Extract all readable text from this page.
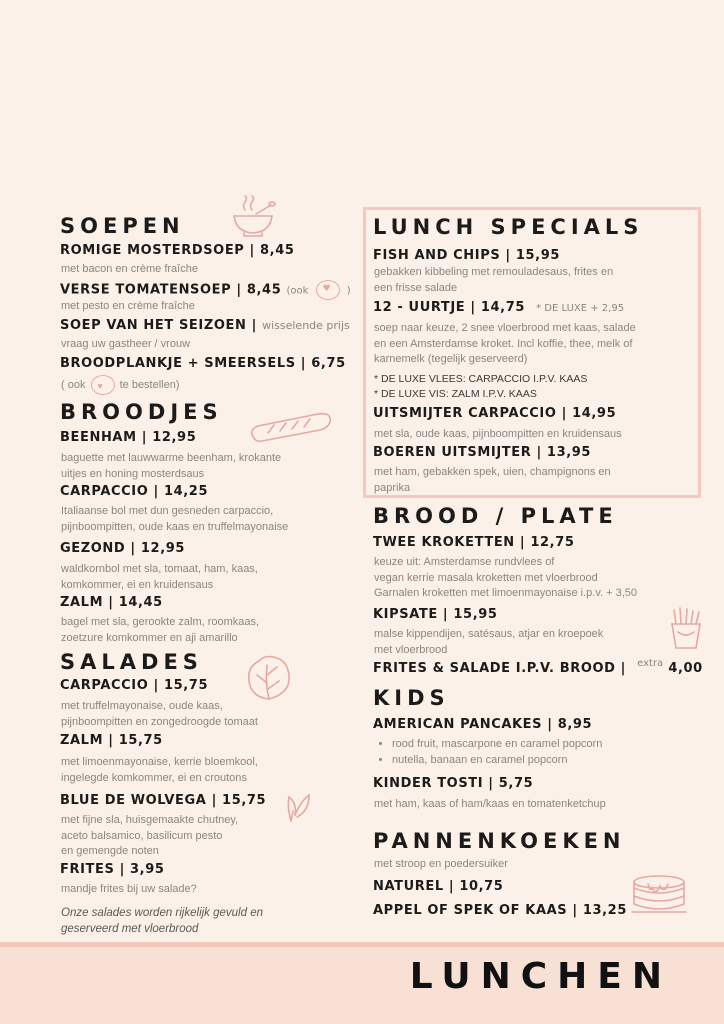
SOEPEN
ROMIGE MOSTERDSOEP | 8,45
met bacon en crème fraîche
VERSE TOMATENSOEP | 8,45 (ook ♥	)
met pesto en crème fraîche
SOEP VAN HET SEIZOEN | wisselende prijs
vraag uw gastheer / vrouw
BROODPLANKJE + SMEERSELS | 6,75
( ook ♥	te bestellen)
BROODJES
BEENHAM | 12,95
baguette met lauwwarme beenham, krokante
uitjes en honing mosterdsaus
CARPACCIO | 14,25
Italiaanse bol met dun gesneden carpaccio,
pijnboompitten, oude kaas en truffelmayonaise
GEZOND | 12,95
waldkornbol met sla, tomaat, ham, kaas,
komkommer, ei en kruidensaus
ZALM | 14,45
bagel met sla, gerookte zalm, roomkaas,
zoetzure komkommer en aji amarillo
SALADES
CARPACCIO | 15,75
met truffelmayonaise, oude kaas,
pijnboompitten en zongedroogde tomaat
ZALM | 15,75
met limoenmayonaise, kerrie bloemkool,
ingelegde komkommer, ei en croutons
BLUE DE WOLVEGA | 15,75
met fijne sla, huisgemaakte chutney,
aceto balsamico, basilicum pesto
en gemengde noten
FRITES | 3,95
mandje frites bij uw salade?
Onze salades worden rijkelijk gevuld en
geserveerd met vloerbrood
LUNCH SPECIALS
FISH AND CHIPS | 15,95
gebakken kibbeling met remouladesaus, frites en
een frisse salade
12 - UURTJE | 14,75 * DE LUXE + 2,95
soep naar keuze, 2 snee vloerbrood met kaas, salade
en een Amsterdamse kroket. Incl koffie, thee, melk of
karnemelk (tegelijk geserveerd)
* DE LUXE VLEES: CARPACCIO I.P.V. KAAS
* DE LUXE VIS: ZALM I.P.V. KAAS
UITSMIJTER CARPACCIO | 14,95
met sla, oude kaas, pijnboompitten en kruidensaus
BOEREN UITSMIJTER | 13,95
met ham, gebakken spek, uien, champignons en
paprika
BROOD / PLATE
TWEE KROKETTEN | 12,75
keuze uit: Amsterdamse rundvlees of
vegan kerrie masala kroketten met vloerbrood
Garnalen kroketten met limoenmayonaise i.p.v. + 3,50
KIPSATE | 15,95
malse kippendijen, satésaus, atjar en kroepoek
met vloerbrood
FRITES & SALADE I.P.V. BROOD | $^{extra}$ 4,00
KIDS
AMERICAN PANCAKES | 8,95
• rood fruit, mascarpone en caramel popcorn
• nutella, banaan en caramel popcorn
KINDER TOSTI | 5,75
met ham, kaas of ham/kaas en tomatenketchup
PANNENKOEKEN
met stroop en poedersuiker
NATUREL | 10,75
APPEL OF SPEK OF KAAS | 13,25
LUNCHEN
